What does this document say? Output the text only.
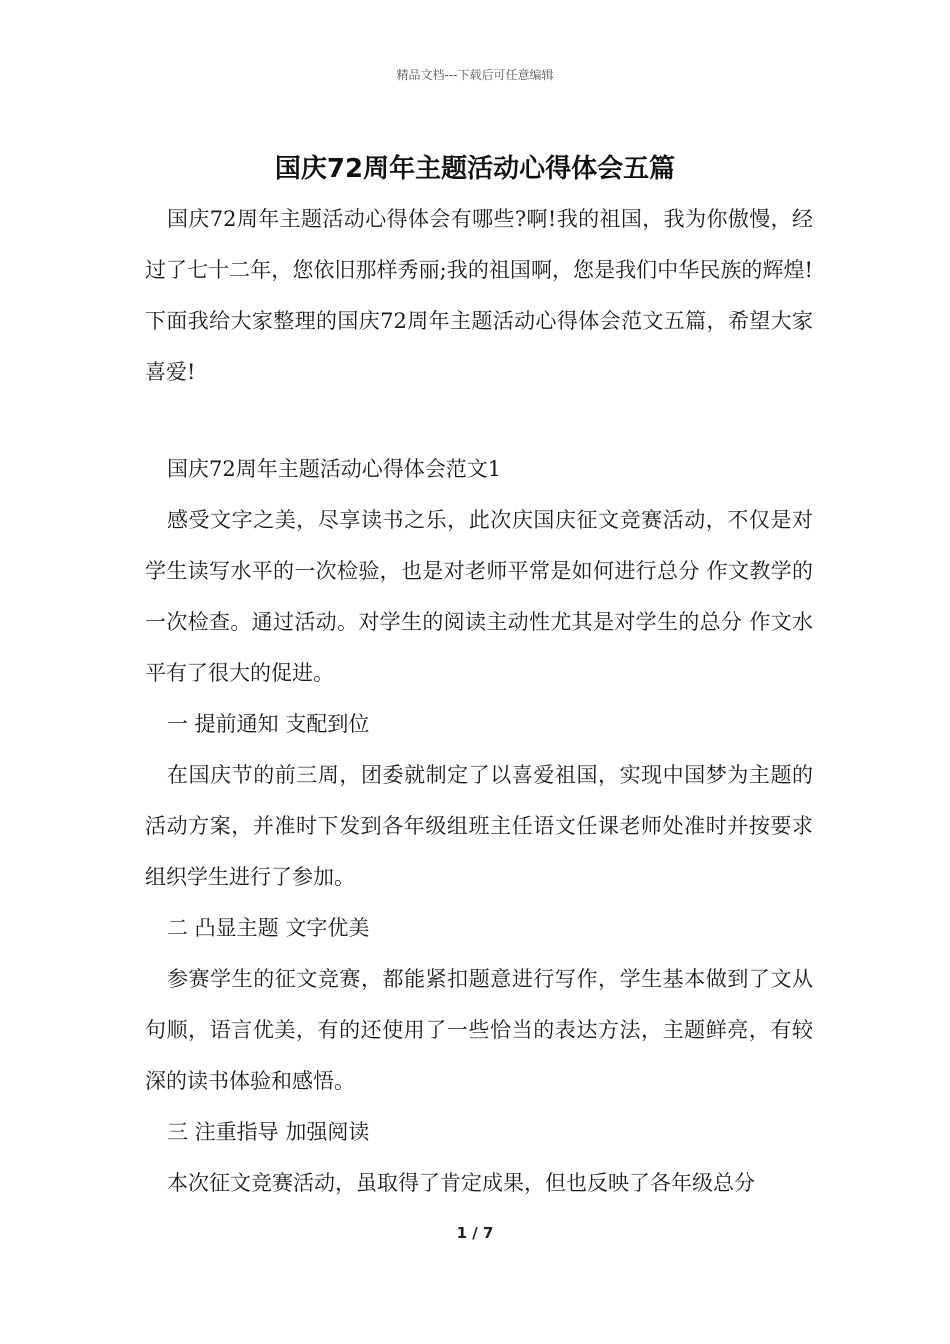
精品文档---下载后可任意编辑
国庆72周年主题活动心得体会五篇

国庆72周年主题活动心得体会有哪些?啊!我的祖国，我为你傲慢，经过了七十二年，您依旧那样秀丽;我的祖国啊，您是我们中华民族的辉煌!下面我给大家整理的国庆72周年主题活动心得体会范文五篇，希望大家喜爱!

国庆72周年主题活动心得体会范文1

感受文字之美，尽享读书之乐，此次庆国庆征文竞赛活动，不仅是对学生读写水平的一次检验，也是对老师平常是如何进行总分 作文教学的一次检查。通过活动。对学生的阅读主动性尤其是对学生的总分 作文水平有了很大的促进。

一 提前通知 支配到位

在国庆节的前三周，团委就制定了以喜爱祖国，实现中国梦为主题的活动方案，并准时下发到各年级组班主任语文任课老师处准时并按要求组织学生进行了参加。

二 凸显主题 文字优美

参赛学生的征文竞赛，都能紧扣题意进行写作，学生基本做到了文从句顺，语言优美，有的还使用了一些恰当的表达方法，主题鲜亮，有较深的读书体验和感悟。

三 注重指导 加强阅读

本次征文竞赛活动，虽取得了肯定成果，但也反映了各年级总分

1 / 7
